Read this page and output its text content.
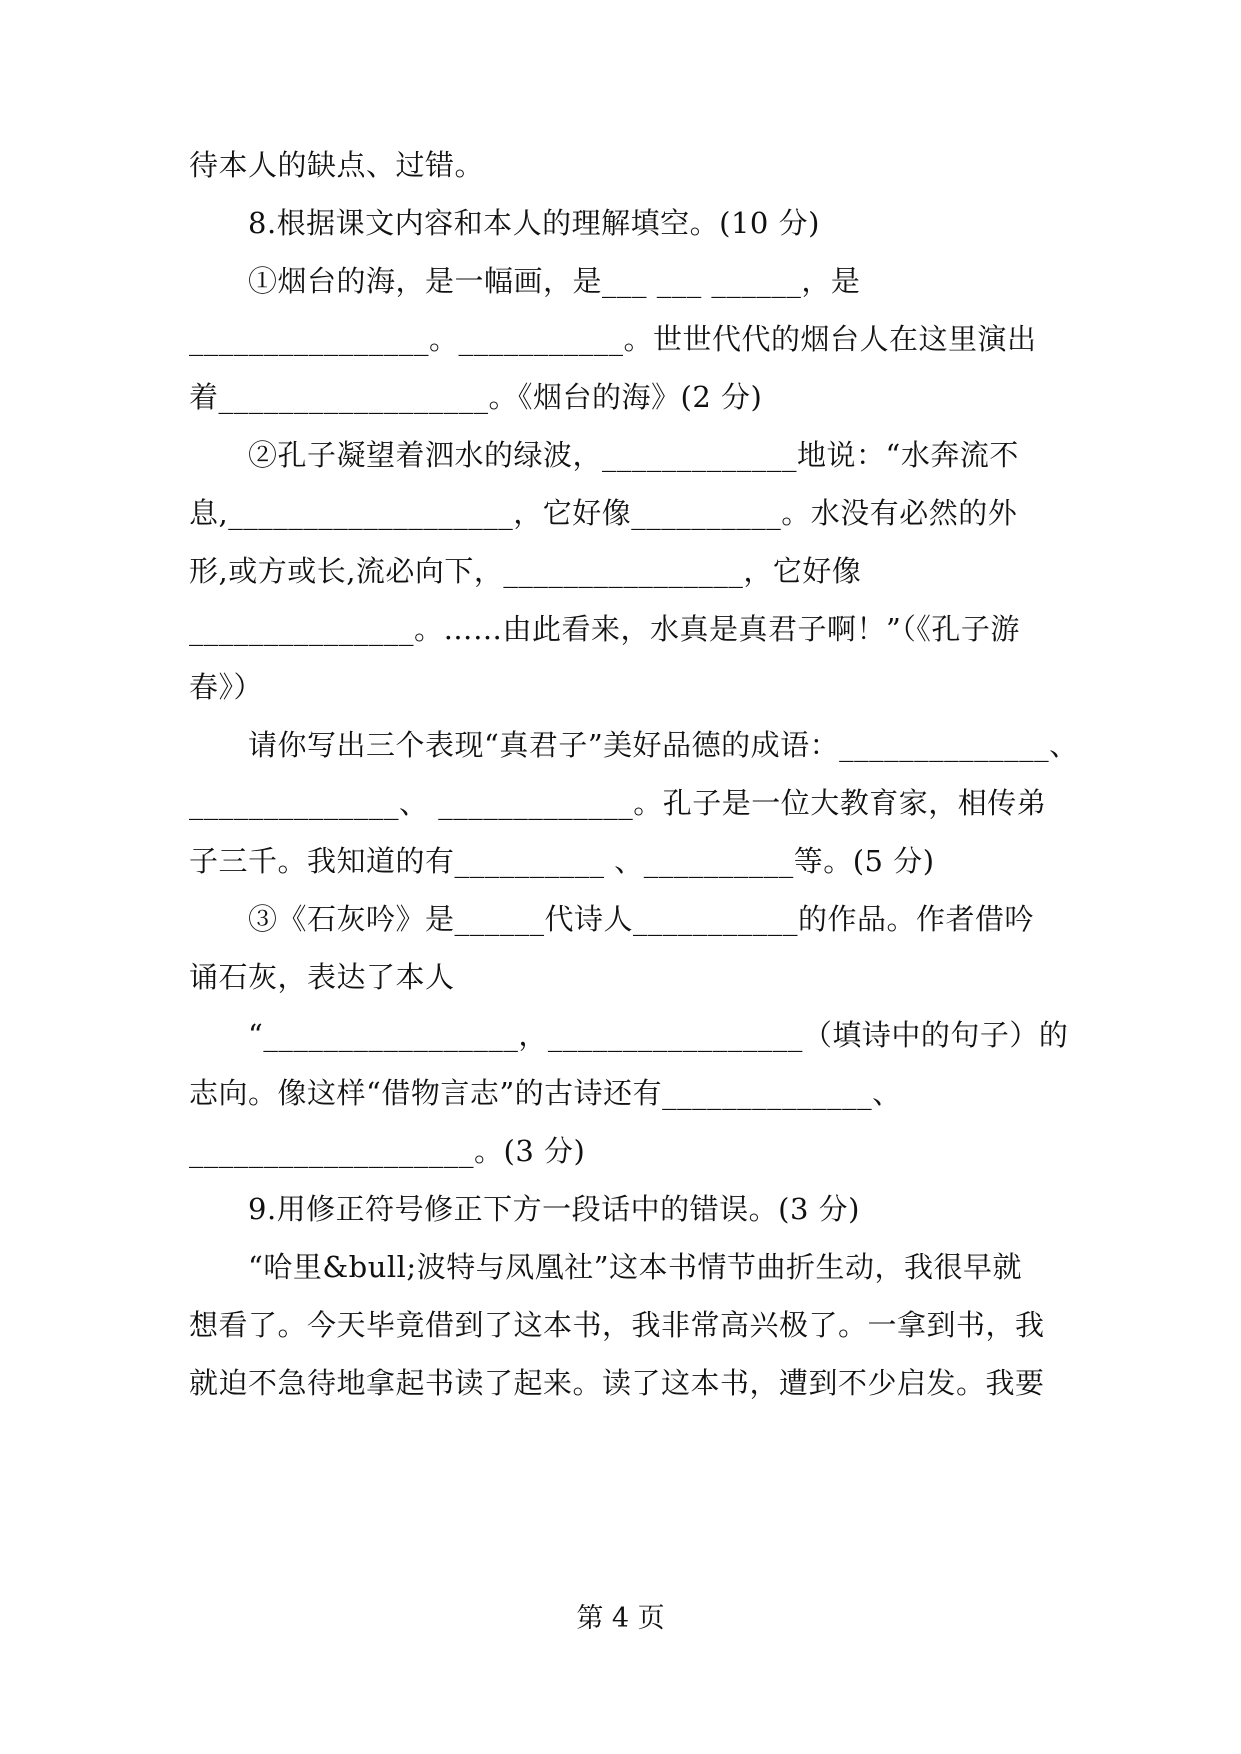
待本人的缺点、过错。
8.根据课文内容和本人的理解填空。(10 分)
①烟台的海，是一幅画，是___ ___ ______，是
________________。___________。世世代代的烟台人在这里演出
着__________________。《烟台的海》(2 分)
②孔子凝望着泗水的绿波，_____________地说：“水奔流不
息,___________________，它好像__________。水没有必然的外
形,或方或长,流必向下，________________，它好像
_______________。……由此看来，水真是真君子啊！”（《孔子游
春》）
请你写出三个表现“真君子”美好品德的成语：______________、
______________、 _____________。孔子是一位大教育家，相传弟
子三千。我知道的有__________ 、__________等。(5 分)
③《石灰吟》是______代诗人___________的作品。作者借吟
诵石灰，表达了本人
“_________________，_________________（填诗中的句子）的
志向。像这样“借物言志”的古诗还有______________、
___________________。(3 分)
9.用修正符号修正下方一段话中的错误。(3 分)
“哈里&bull;波特与凤凰社”这本书情节曲折生动，我很早就
想看了。今天毕竟借到了这本书，我非常高兴极了。一拿到书，我
就迫不急待地拿起书读了起来。读了这本书，遭到不少启发。我要
第 4 页
